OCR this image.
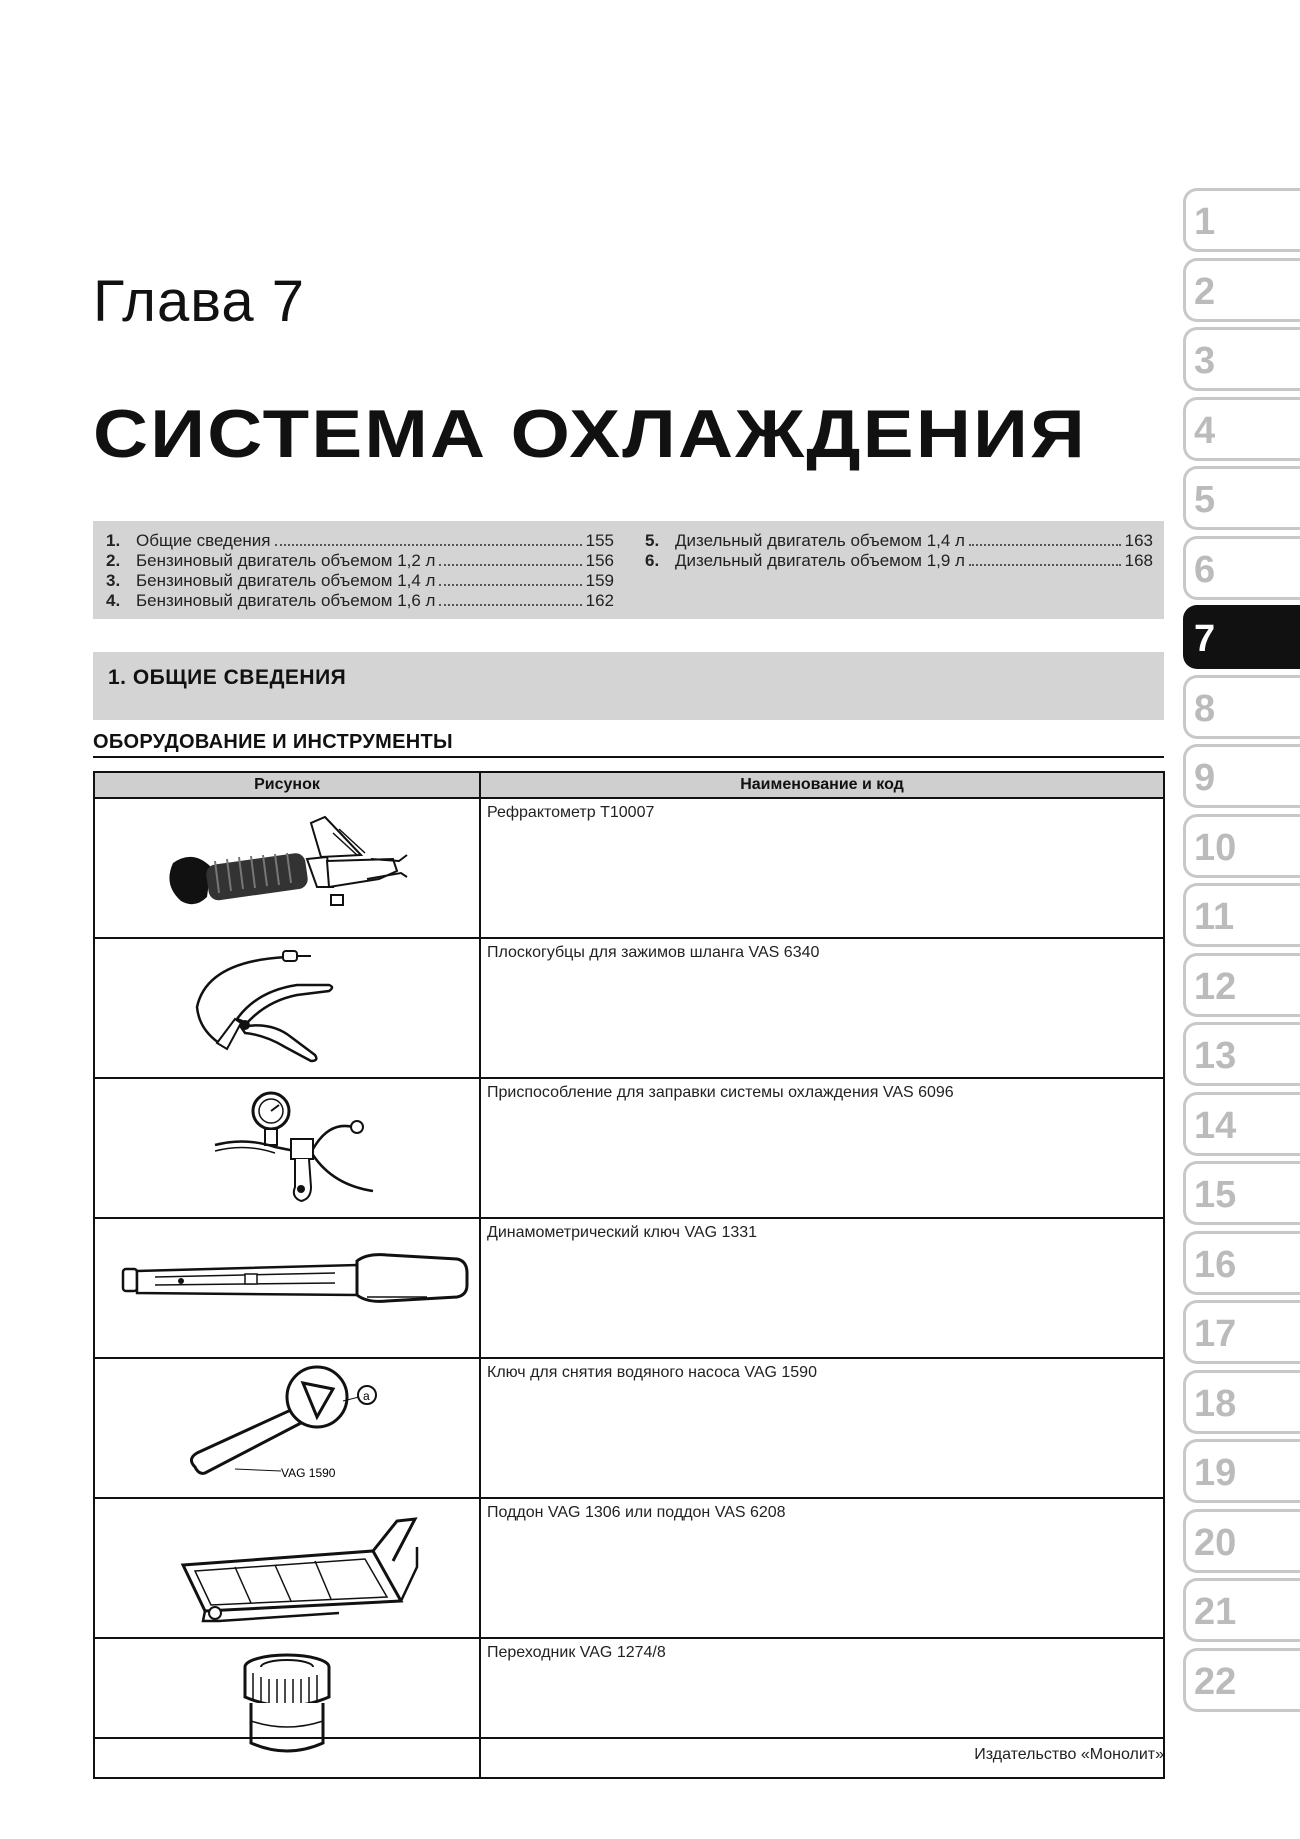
Глава 7
СИСТЕМА ОХЛАЖДЕНИЯ
1. Общие сведения	155
2. Бензиновый двигатель объемом 1,2 л	156
3. Бензиновый двигатель объемом 1,4 л	159
4. Бензиновый двигатель объемом 1,6 л	162
5. Дизельный двигатель объемом 1,4 л	163
6. Дизельный двигатель объемом 1,9 л	168
1. ОБЩИЕ СВЕДЕНИЯ
ОБОРУДОВАНИЕ И ИНСТРУМЕНТЫ
Рисунок	Наименование и код

	Рефрактометр T10007

	Плоскогубцы для зажимов шланга VAS 6340

	Приспособление для заправки системы охлаждения VAS 6096

	Динамометрический ключ VAG 1331

a
VAG 1590	Ключ для снятия водяного насоса VAG 1590

	Поддон VAG 1306 или поддон VAS 6208

	Переходник VAG 1274/8
Издательство «Монолит»
1
2
3
4
5
6
7
8
9
10
11
12
13
14
15
16
17
18
19
20
21
22
